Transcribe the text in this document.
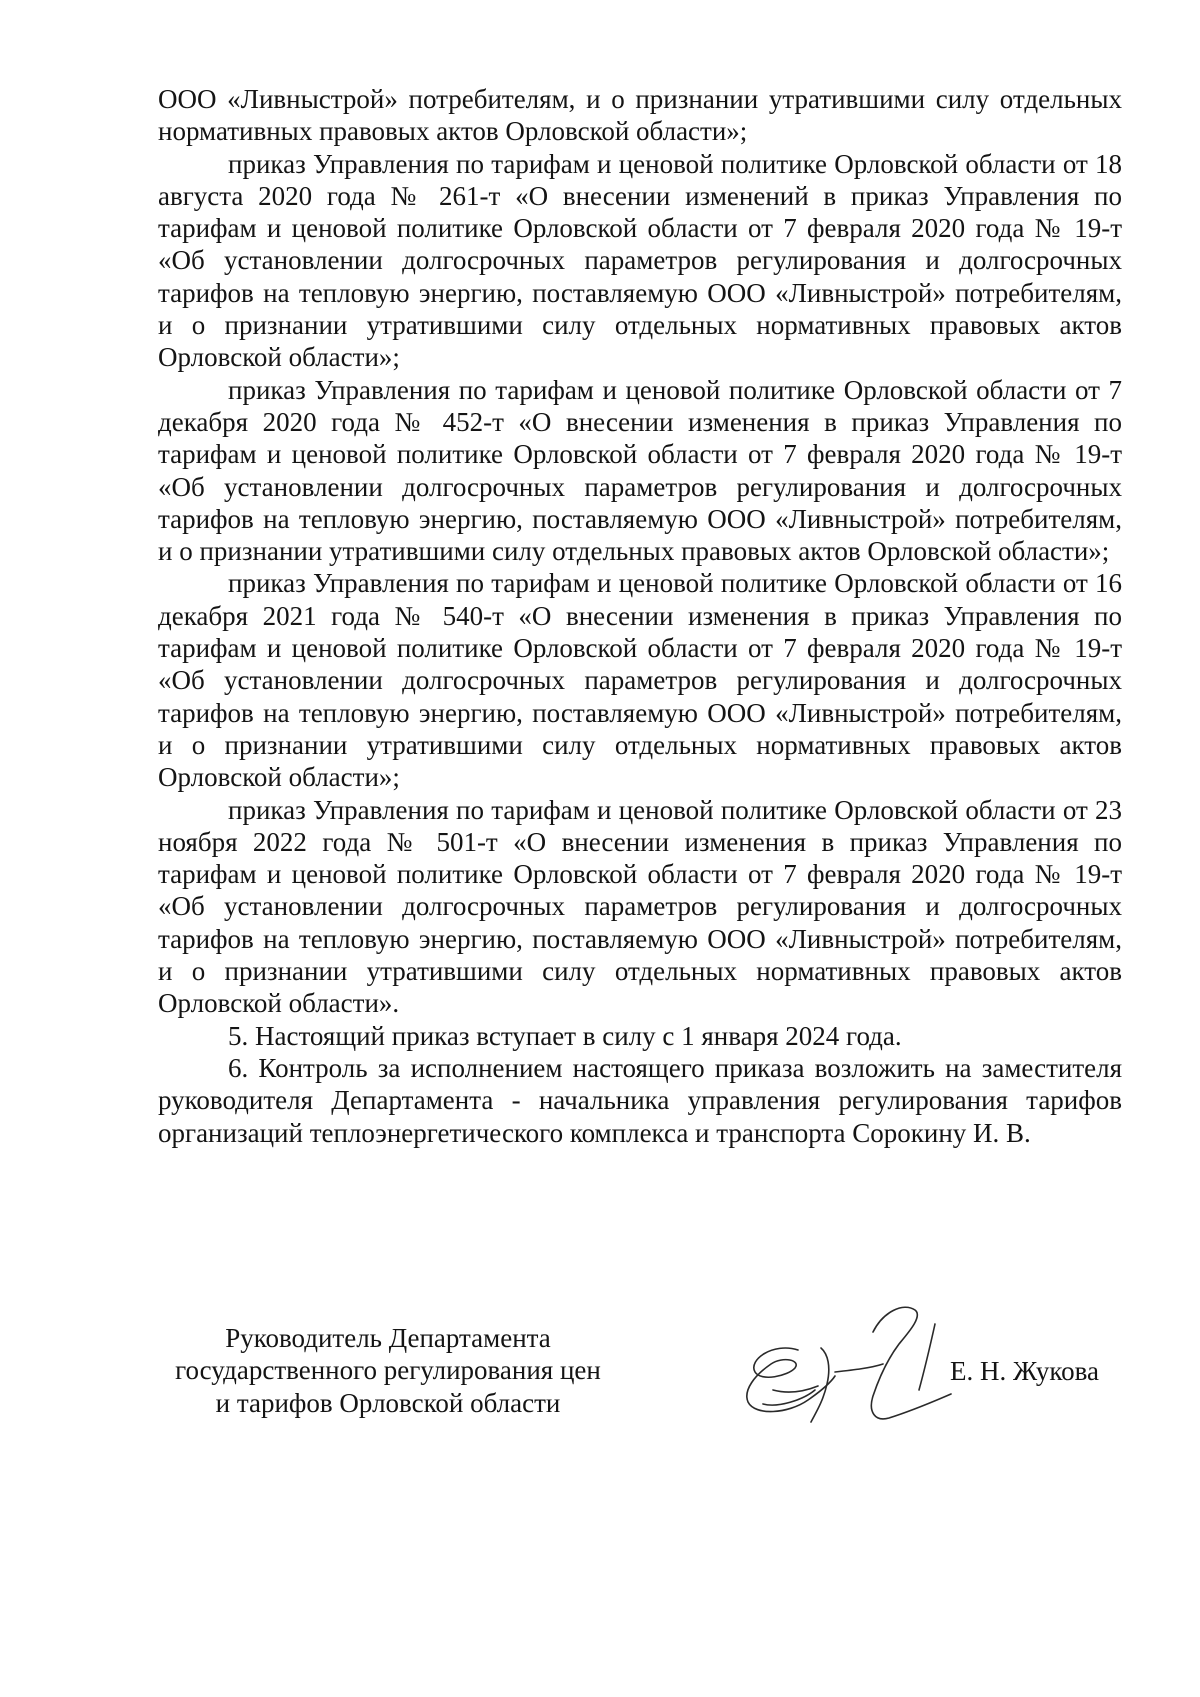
ООО «Ливныстрой» потребителям, и о признании утратившими силу отдельных нормативных правовых актов Орловской области»;

приказ Управления по тарифам и ценовой политике Орловской области от 18 августа 2020 года № 261-т «О внесении изменений в приказ Управления по тарифам и ценовой политике Орловской области от 7 февраля 2020 года № 19-т «Об установлении долгосрочных параметров регулирования и долгосрочных тарифов на тепловую энергию, поставляемую ООО «Ливныстрой» потребителям, и о признании утратившими силу отдельных нормативных правовых актов Орловской области»;

приказ Управления по тарифам и ценовой политике Орловской области от 7 декабря 2020 года № 452-т «О внесении изменения в приказ Управления по тарифам и ценовой политике Орловской области от 7 февраля 2020 года № 19-т «Об установлении долгосрочных параметров регулирования и долгосрочных тарифов на тепловую энергию, поставляемую ООО «Ливныстрой» потребителям, и о признании утратившими силу отдельных правовых актов Орловской области»;

приказ Управления по тарифам и ценовой политике Орловской области от 16 декабря 2021 года № 540-т «О внесении изменения в приказ Управления по тарифам и ценовой политике Орловской области от 7 февраля 2020 года № 19-т «Об установлении долгосрочных параметров регулирования и долгосрочных тарифов на тепловую энергию, поставляемую ООО «Ливныстрой» потребителям, и о признании утратившими силу отдельных нормативных правовых актов Орловской области»;

приказ Управления по тарифам и ценовой политике Орловской области от 23 ноября 2022 года № 501-т «О внесении изменения в приказ Управления по тарифам и ценовой политике Орловской области от 7 февраля 2020 года № 19-т «Об установлении долгосрочных параметров регулирования и долгосрочных тарифов на тепловую энергию, поставляемую ООО «Ливныстрой» потребителям, и о признании утратившими силу отдельных нормативных правовых актов Орловской области».

5. Настоящий приказ вступает в силу с 1 января 2024 года.

6. Контроль за исполнением настоящего приказа возложить на заместителя руководителя Департамента - начальника управления регулирования тарифов организаций теплоэнергетического комплекса и транспорта Сорокину И. В.

Руководитель Департамента
государственного регулирования цен
и тарифов Орловской области
Е. Н. Жукова
